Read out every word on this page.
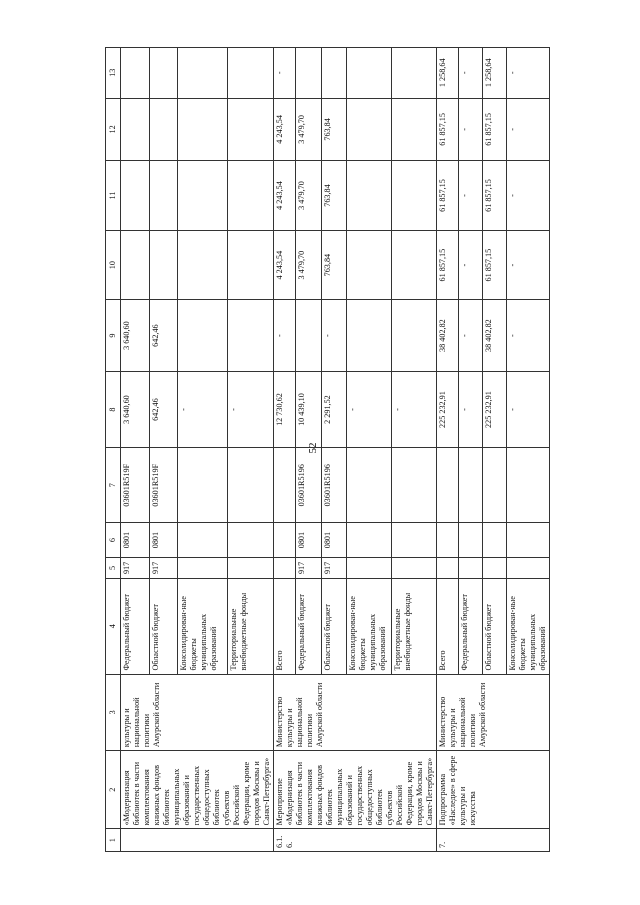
52
1	2	3	4	5	6	7	8	9	10	11	12	13
	«Модернизация библиотек в части комплектования книжных фондов библиотек муниципальных образований и государственных общедоступных библиотек субъектов Российской Федерации, кроме городов Москвы и Санкт-Петербурга»	культуры и национальной политики Амурской области	Федеральный бюджет	917	0801	03601R519F	3 640,60	3 640,60				
			Областной бюджет	917	0801	03601R519F	642,46	642,46				
			Консолидирован-ные бюджеты муниципальных образований				-					
			Территориальные внебюджетные фонды				-					
6.1.6.	Мероприятие «Модернизация библиотек в части комплектования книжных фондов библиотек муниципальных образований и государственных общедоступных библиотек субъектов Российской Федерации, кроме городов Москвы и Санкт-Петербурга»	Министерство культуры и национальной политики Амурской области	Всего				12 730,62	-	4 243,54	4 243,54	4 243,54	-
			Федеральный бюджет	917	0801	03601R5196	10 439,10		3 479,70	3 479,70	3 479,70	
			Областной бюджет	917	0801	03601R5196	2 291,52	-	763,84	763,84	763,84	
			Консолидирован-ные бюджеты муниципальных образований				-					
			Территориальные внебюджетные фонды				-					
7.	Подпрограмма «Наследие» в сфере культуры и искусства	Министерство культуры и национальной политики Амурской области	Всего				225 232,91	38 402,82	61 857,15	61 857,15	61 857,15	1 258,64
			Федеральный бюджет				-	-	-	-	-	-
			Областной бюджет				225 232,91	38 402,82	61 857,15	61 857,15	61 857,15	1 258,64
			Консолидирован-ные бюджеты муниципальных образований				-	-	-	-	-	-
